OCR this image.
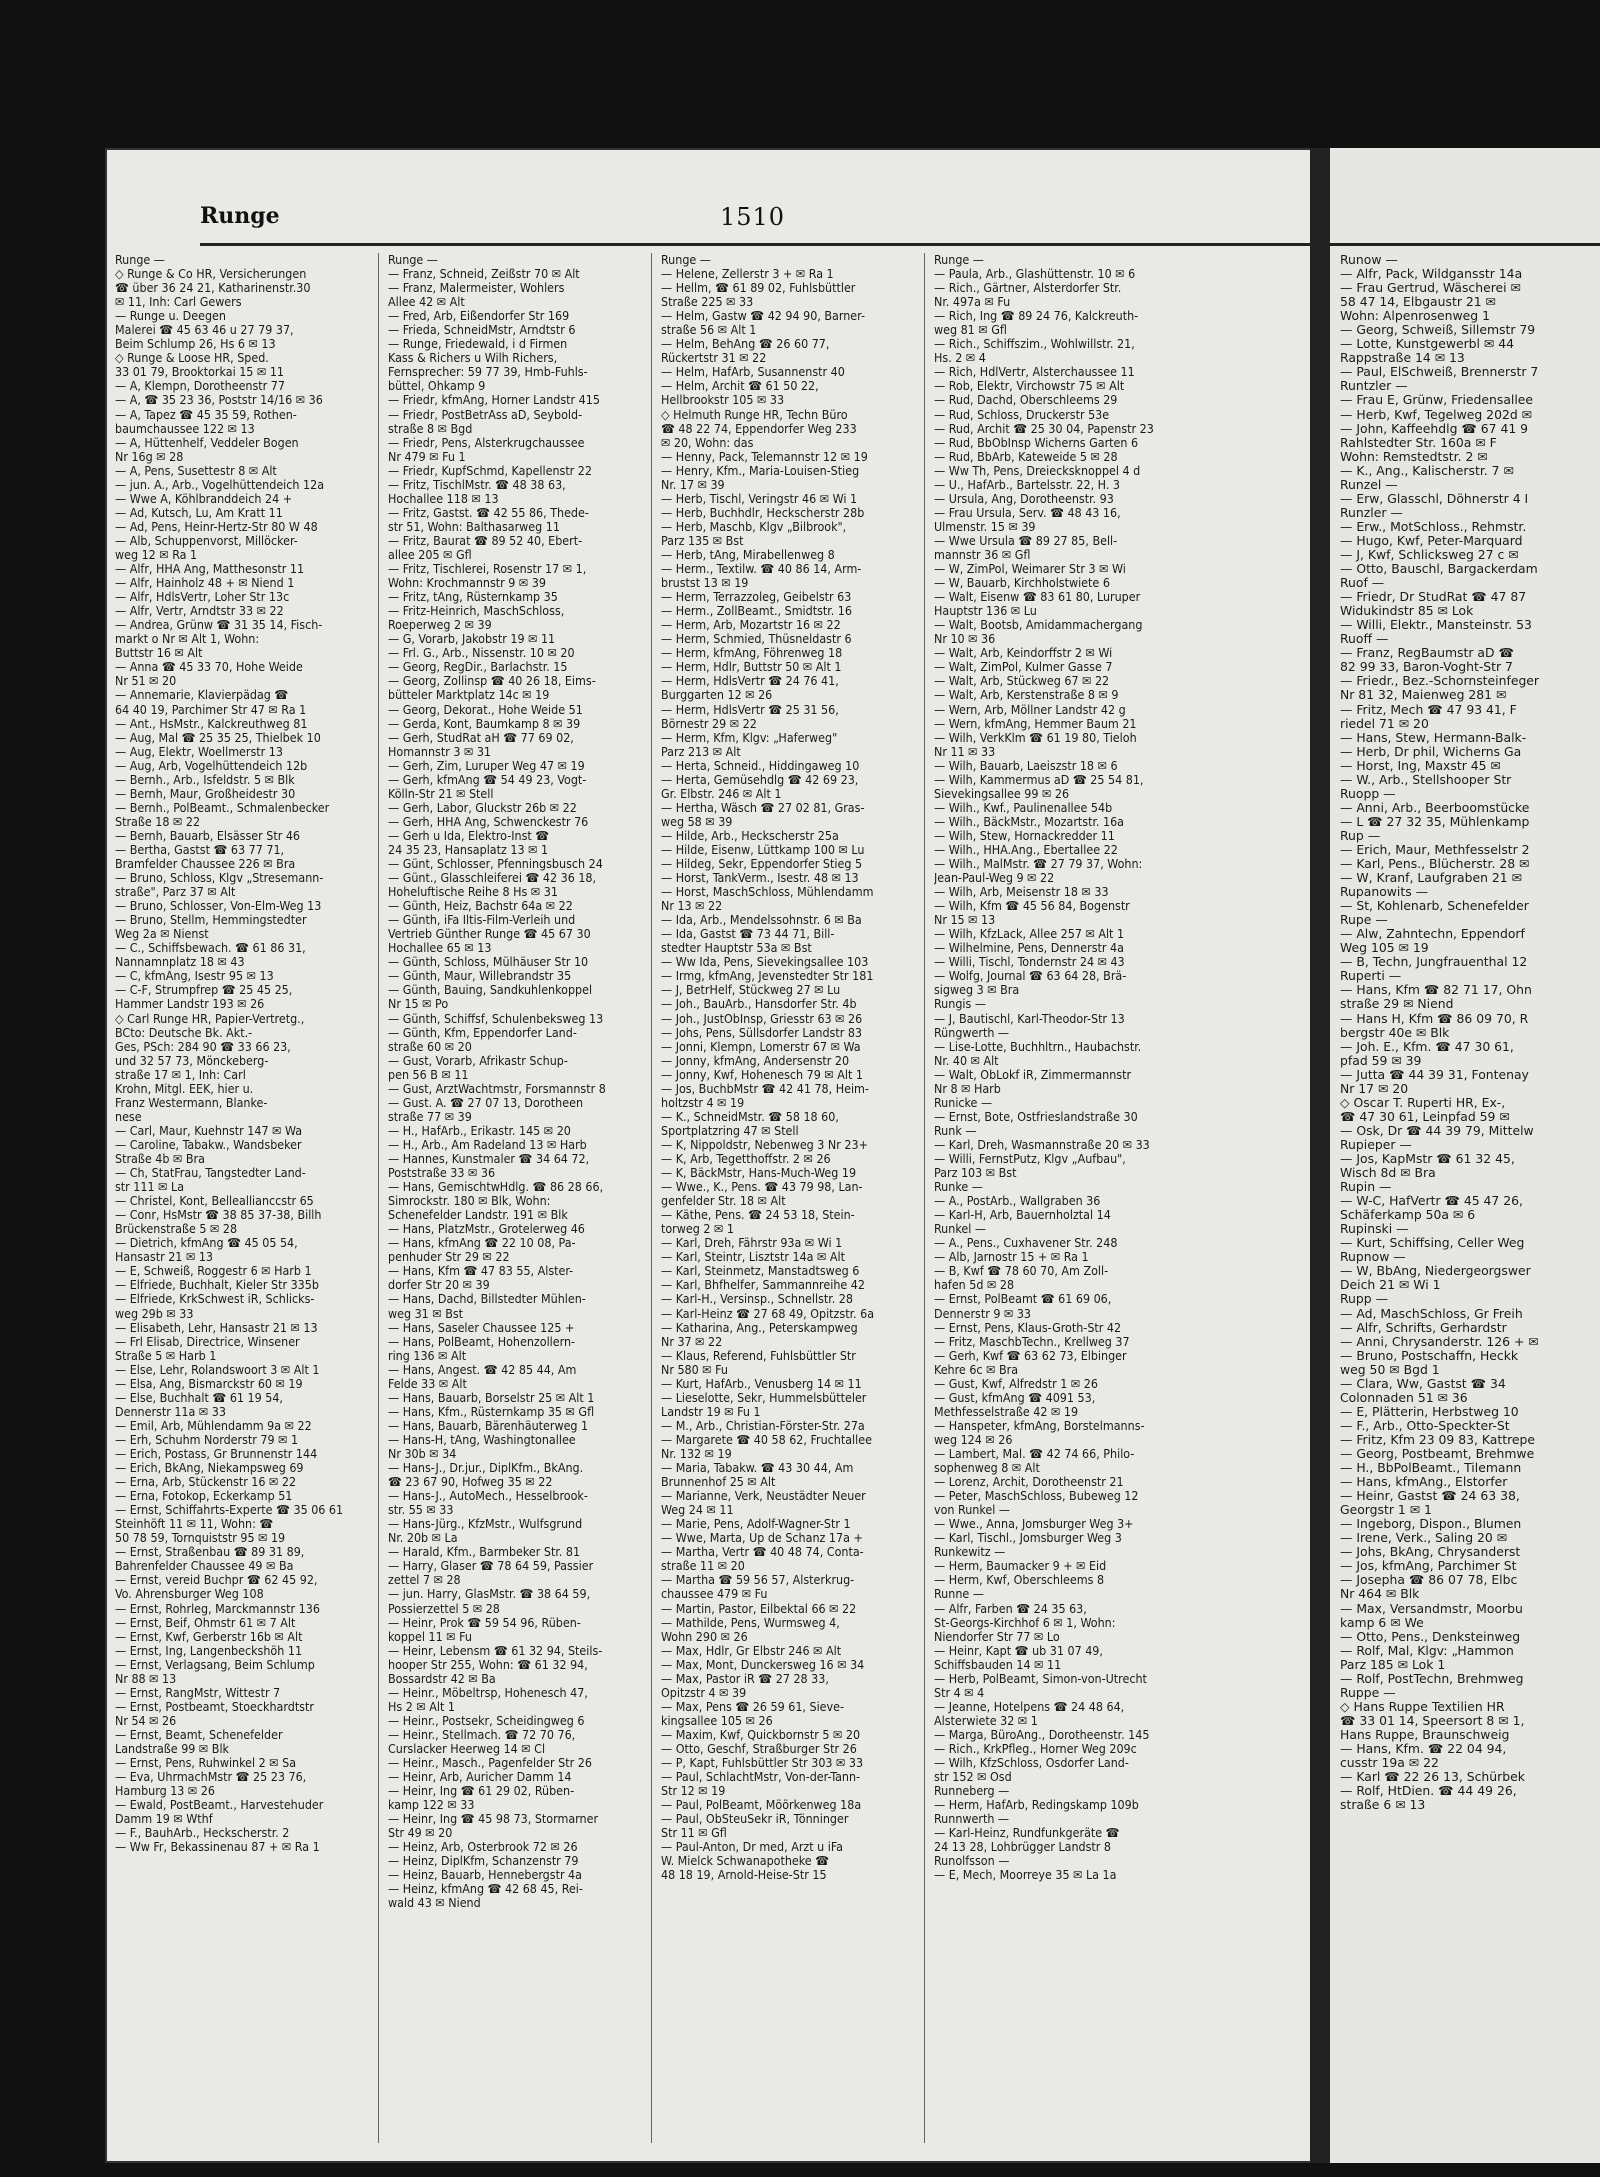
Runge	1510
Runge —
◇ Runge & Co HR, Versicherungen
☎ über 36 24 21, Katharinenstr.30
✉ 11, Inh: Carl Gewers
— Runge u. Deegen
Malerei ☎ 45 63 46 u 27 79 37,
Beim Schlump 26, Hs 6 ✉ 13
◇ Runge & Loose HR, Sped.
33 01 79, Brooktorkai 15 ✉ 11
— A, Klempn, Dorotheenstr 77
— A, ☎ 35 23 36, Poststr 14/16 ✉ 36
— A, Tapez ☎ 45 35 59, Rothen-
baumchaussee 122 ✉ 13
— A, Hüttenhelf, Veddeler Bogen
Nr 16g ✉ 28
— A, Pens, Susettestr 8 ✉ Alt
— jun. A., Arb., Vogelhüttendeich 12a
— Wwe A, Köhlbranddeich 24 +
— Ad, Kutsch, Lu, Am Kratt 11
— Ad, Pens, Heinr-Hertz-Str 80 W 48
— Alb, Schuppenvorst, Millöcker-
weg 12 ✉ Ra 1
— Alfr, HHA Ang, Matthesonstr 11
— Alfr, Hainholz 48 + ✉ Niend 1
— Alfr, HdlsVertr, Loher Str 13c
— Alfr, Vertr, Arndtstr 33 ✉ 22
— Andrea, Grünw ☎ 31 35 14, Fisch-
markt o Nr ✉ Alt 1, Wohn:
Buttstr 16 ✉ Alt
— Anna ☎ 45 33 70, Hohe Weide
Nr 51 ✉ 20
— Annemarie, Klavierpädag ☎
64 40 19, Parchimer Str 47 ✉ Ra 1
— Ant., HsMstr., Kalckreuthweg 81
— Aug, Mal ☎ 25 35 25, Thielbek 10
— Aug, Elektr, Woellmerstr 13
— Aug, Arb, Vogelhüttendeich 12b
— Bernh., Arb., Isfeldstr. 5 ✉ Blk
— Bernh, Maur, Großheidestr 30
— Bernh., PolBeamt., Schmalenbecker
Straße 18 ✉ 22
— Bernh, Bauarb, Elsässer Str 46
— Bertha, Gastst ☎ 63 77 71,
Bramfelder Chaussee 226 ✉ Bra
— Bruno, Schloss, Klgv „Stresemann-
straße", Parz 37 ✉ Alt
— Bruno, Schlosser, Von-Elm-Weg 13
— Bruno, Stellm, Hemmingstedter
Weg 2a ✉ Nienst
— C., Schiffsbewach. ☎ 61 86 31,
Nannamnplatz 18 ✉ 43
— C, kfmAng, Isestr 95 ✉ 13
— C-F, Strumpfrep ☎ 25 45 25,
Hammer Landstr 193 ✉ 26
◇ Carl Runge HR, Papier-Vertretg.,
BCto: Deutsche Bk. Akt.-
Ges, PSch: 284 90 ☎ 33 66 23,
und 32 57 73, Mönckeberg-
straße 17 ✉ 1, Inh: Carl
Krohn, Mitgl. EEK, hier u.
Franz Westermann, Blanke-
nese
— Carl, Maur, Kuehnstr 147 ✉ Wa
— Caroline, Tabakw., Wandsbeker
Straße 4b ✉ Bra
— Ch, StatFrau, Tangstedter Land-
str 111 ✉ La
— Christel, Kont, Belleallianccstr 65
— Conr, HsMstr ☎ 38 85 37-38, Billh
Brückenstraße 5 ✉ 28
— Dietrich, kfmAng ☎ 45 05 54,
Hansastr 21 ✉ 13
— E, Schweiß, Roggestr 6 ✉ Harb 1
— Elfriede, Buchhalt, Kieler Str 335b
— Elfriede, KrkSchwest iR, Schlicks-
weg 29b ✉ 33
— Elisabeth, Lehr, Hansastr 21 ✉ 13
— Frl Elisab, Directrice, Winsener
Straße 5 ✉ Harb 1
— Else, Lehr, Rolandswoort 3 ✉ Alt 1
— Elsa, Ang, Bismarckstr 60 ✉ 19
— Else, Buchhalt ☎ 61 19 54,
Dennerstr 11a ✉ 33
— Emil, Arb, Mühlendamm 9a ✉ 22
— Erh, Schuhm Norderstr 79 ✉ 1
— Erich, Postass, Gr Brunnenstr 144
— Erich, BkAng, Niekampsweg 69
— Erna, Arb, Stückenstr 16 ✉ 22
— Erna, Fotokop, Eckerkamp 51
— Ernst, Schiffahrts-Experte ☎ 35 06 61
Steinhöft 11 ✉ 11, Wohn: ☎
50 78 59, Tornquiststr 95 ✉ 19
— Ernst, Straßenbau ☎ 89 31 89,
Bahrenfelder Chaussee 49 ✉ Ba
— Ernst, vereid Buchpr ☎ 62 45 92,
Vo. Ahrensburger Weg 108
— Ernst, Rohrleg, Marckmannstr 136
— Ernst, Beif, Ohmstr 61 ✉ 7 Alt
— Ernst, Kwf, Gerberstr 16b ✉ Alt
— Ernst, Ing, Langenbeckshöh 11
— Ernst, Verlagsang, Beim Schlump
Nr 88 ✉ 13
— Ernst, RangMstr, Wittestr 7
— Ernst, Postbeamt, Stoeckhardtstr
Nr 54 ✉ 26
— Ernst, Beamt, Schenefelder
Landstraße 99 ✉ Blk
— Ernst, Pens, Ruhwinkel 2 ✉ Sa
— Eva, UhrmachMstr ☎ 25 23 76,
Hamburg 13 ✉ 26
— Ewald, PostBeamt., Harvestehuder
Damm 19 ✉ Wthf
— F., BauhArb., Heckscherstr. 2
— Ww Fr, Bekassinenau 87 + ✉ Ra 1
Runge —
— Franz, Schneid, Zeißstr 70 ✉ Alt
— Franz, Malermeister, Wohlers
Allee 42 ✉ Alt
— Fred, Arb, Eißendorfer Str 169
— Frieda, SchneidMstr, Arndtstr 6
— Runge, Friedewald, i d Firmen
Kass & Richers u Wilh Richers,
Fernsprecher: 59 77 39, Hmb-Fuhls-
büttel, Ohkamp 9
— Friedr, kfmAng, Horner Landstr 415
— Friedr, PostBetrAss aD, Seybold-
straße 8 ✉ Bgd
— Friedr, Pens, Alsterkrugchaussee
Nr 479 ✉ Fu 1
— Friedr, KupfSchmd, Kapellenstr 22
— Fritz, TischlMstr. ☎ 48 38 63,
Hochallee 118 ✉ 13
— Fritz, Gastst. ☎ 42 55 86, Thede-
str 51, Wohn: Balthasarweg 11
— Fritz, Baurat ☎ 89 52 40, Ebert-
allee 205 ✉ Gfl
— Fritz, Tischlerei, Rosenstr 17 ✉ 1,
Wohn: Krochmannstr 9 ✉ 39
— Fritz, tAng, Rüsternkamp 35
— Fritz-Heinrich, MaschSchloss,
Roeperweg 2 ✉ 39
— G, Vorarb, Jakobstr 19 ✉ 11
— Frl. G., Arb., Nissenstr. 10 ✉ 20
— Georg, RegDir., Barlachstr. 15
— Georg, Zollinsp ☎ 40 26 18, Eims-
bütteler Marktplatz 14c ✉ 19
— Georg, Dekorat., Hohe Weide 51
— Gerda, Kont, Baumkamp 8 ✉ 39
— Gerh, StudRat aH ☎ 77 69 02,
Homannstr 3 ✉ 31
— Gerh, Zim, Luruper Weg 47 ✉ 19
— Gerh, kfmAng ☎ 54 49 23, Vogt-
Kölln-Str 21 ✉ Stell
— Gerh, Labor, Gluckstr 26b ✉ 22
— Gerh, HHA Ang, Schwenckestr 76
— Gerh u Ida, Elektro-Inst ☎
24 35 23, Hansaplatz 13 ✉ 1
— Günt, Schlosser, Pfenningsbusch 24
— Günt., Glasschleiferei ☎ 42 36 18,
Hoheluftische Reihe 8 Hs ✉ 31
— Günth, Heiz, Bachstr 64a ✉ 22
— Günth, iFa Iltis-Film-Verleih und
Vertrieb Günther Runge ☎ 45 67 30
Hochallee 65 ✉ 13
— Günth, Schloss, Mülhäuser Str 10
— Günth, Maur, Willebrandstr 35
— Günth, Bauing, Sandkuhlenkoppel
Nr 15 ✉ Po
— Günth, Schiffsf, Schulenbeksweg 13
— Günth, Kfm, Eppendorfer Land-
straße 60 ✉ 20
— Gust, Vorarb, Afrikastr Schup-
pen 56 B ✉ 11
— Gust, ArztWachtmstr, Forsmannstr 8
— Gust. A. ☎ 27 07 13, Dorotheen
straße 77 ✉ 39
— H., HafArb., Erikastr. 145 ✉ 20
— H., Arb., Am Radeland 13 ✉ Harb
— Hannes, Kunstmaler ☎ 34 64 72,
Poststraße 33 ✉ 36
— Hans, GemischtwHdlg. ☎ 86 28 66,
Simrockstr. 180 ✉ Blk, Wohn:
Schenefelder Landstr. 191 ✉ Blk
— Hans, PlatzMstr., Grotelerweg 46
— Hans, kfmAng ☎ 22 10 08, Pa-
penhuder Str 29 ✉ 22
— Hans, Kfm ☎ 47 83 55, Alster-
dorfer Str 20 ✉ 39
— Hans, Dachd, Billstedter Mühlen-
weg 31 ✉ Bst
— Hans, Saseler Chaussee 125 +
— Hans, PolBeamt, Hohenzollern-
ring 136 ✉ Alt
— Hans, Angest. ☎ 42 85 44, Am
Felde 33 ✉ Alt
— Hans, Bauarb, Borselstr 25 ✉ Alt 1
— Hans, Kfm., Rüsternkamp 35 ✉ Gfl
— Hans, Bauarb, Bärenhäuterweg 1
— Hans-H, tAng, Washingtonallee
Nr 30b ✉ 34
— Hans-J., Dr.jur., DiplKfm., BkAng.
☎ 23 67 90, Hofweg 35 ✉ 22
— Hans-J., AutoMech., Hesselbrook-
str. 55 ✉ 33
— Hans-Jürg., KfzMstr., Wulfsgrund
Nr. 20b ✉ La
— Harald, Kfm., Barmbeker Str. 81
— Harry, Glaser ☎ 78 64 59, Passier
zettel 7 ✉ 28
— jun. Harry, GlasMstr. ☎ 38 64 59,
Possierzettel 5 ✉ 28
— Heinr, Prok ☎ 59 54 96, Rüben-
koppel 11 ✉ Fu
— Heinr, Lebensm ☎ 61 32 94, Steils-
hooper Str 255, Wohn: ☎ 61 32 94,
Bossardstr 42 ✉ Ba
— Heinr., Möbeltrsp, Hohenesch 47,
Hs 2 ✉ Alt 1
— Heinr., Postsekr, Scheidingweg 6
— Heinr., Stellmach. ☎ 72 70 76,
Curslacker Heerweg 14 ✉ Cl
— Heinr., Masch., Pagenfelder Str 26
— Heinr, Arb, Auricher Damm 14
— Heinr, Ing ☎ 61 29 02, Rüben-
kamp 122 ✉ 33
— Heinr, Ing ☎ 45 98 73, Stormarner
Str 49 ✉ 20
— Heinz, Arb, Osterbrook 72 ✉ 26
— Heinz, DiplKfm, Schanzenstr 79
— Heinz, Bauarb, Hennebergstr 4a
— Heinz, kfmAng ☎ 42 68 45, Rei-
wald 43 ✉ Niend
Runge —
— Helene, Zellerstr 3 + ✉ Ra 1
— Hellm, ☎ 61 89 02, Fuhlsbüttler
Straße 225 ✉ 33
— Helm, Gastw ☎ 42 94 90, Barner-
straße 56 ✉ Alt 1
— Helm, BehAng ☎ 26 60 77,
Rückertstr 31 ✉ 22
— Helm, HafArb, Susannenstr 40
— Helm, Archit ☎ 61 50 22,
Hellbrookstr 105 ✉ 33
◇ Helmuth Runge HR, Techn Büro
☎ 48 22 74, Eppendorfer Weg 233
✉ 20, Wohn: das
— Henny, Pack, Telemannstr 12 ✉ 19
— Henry, Kfm., Maria-Louisen-Stieg
Nr. 17 ✉ 39
— Herb, Tischl, Veringstr 46 ✉ Wi 1
— Herb, Buchhdlr, Heckscherstr 28b
— Herb, Maschb, Klgv „Bilbrook",
Parz 135 ✉ Bst
— Herb, tAng, Mirabellenweg 8
— Herm., Textilw. ☎ 40 86 14, Arm-
brustst 13 ✉ 19
— Herm, Terrazzoleg, Geibelstr 63
— Herm., ZollBeamt., Smidtstr. 16
— Herm, Arb, Mozartstr 16 ✉ 22
— Herm, Schmied, Thüsneldastr 6
— Herm, kfmAng, Föhrenweg 18
— Herm, Hdlr, Buttstr 50 ✉ Alt 1
— Herm, HdlsVertr ☎ 24 76 41,
Burggarten 12 ✉ 26
— Herm, HdlsVertr ☎ 25 31 56,
Börnestr 29 ✉ 22
— Herm, Kfm, Klgv: „Haferweg"
Parz 213 ✉ Alt
— Herta, Schneid., Hiddingaweg 10
— Herta, Gemüsehdlg ☎ 42 69 23,
Gr. Elbstr. 246 ✉ Alt 1
— Hertha, Wäsch ☎ 27 02 81, Gras-
weg 58 ✉ 39
— Hilde, Arb., Heckscherstr 25a
— Hilde, Eisenw, Lüttkamp 100 ✉ Lu
— Hildeg, Sekr, Eppendorfer Stieg 5
— Horst, TankVerm., Isestr. 48 ✉ 13
— Horst, MaschSchloss, Mühlendamm
Nr 13 ✉ 22
— Ida, Arb., Mendelssohnstr. 6 ✉ Ba
— Ida, Gastst ☎ 73 44 71, Bill-
stedter Hauptstr 53a ✉ Bst
— Ww Ida, Pens, Sievekingsallee 103
— Irmg, kfmAng, Jevenstedter Str 181
— J, BetrHelf, Stückweg 27 ✉ Lu
— Joh., BauArb., Hansdorfer Str. 4b
— Joh., JustObInsp, Griesstr 63 ✉ 26
— Johs, Pens, Süllsdorfer Landstr 83
— Jonni, Klempn, Lomerstr 67 ✉ Wa
— Jonny, kfmAng, Andersenstr 20
— Jonny, Kwf, Hohenesch 79 ✉ Alt 1
— Jos, BuchbMstr ☎ 42 41 78, Heim-
holtzstr 4 ✉ 19
— K., SchneidMstr. ☎ 58 18 60,
Sportplatzring 47 ✉ Stell
— K, Nippoldstr, Nebenweg 3 Nr 23+
— K, Arb, Tegetthoffstr. 2 ✉ 26
— K, BäckMstr, Hans-Much-Weg 19
— Wwe., K., Pens. ☎ 43 79 98, Lan-
genfelder Str. 18 ✉ Alt
— Käthe, Pens. ☎ 24 53 18, Stein-
torweg 2 ✉ 1
— Karl, Dreh, Fährstr 93a ✉ Wi 1
— Karl, Steintr, Lisztstr 14a ✉ Alt
— Karl, Steinmetz, Manstadtsweg 6
— Karl, Bhfhelfer, Sammannreihe 42
— Karl-H., Versinsp., Schnellstr. 28
— Karl-Heinz ☎ 27 68 49, Opitzstr. 6a
— Katharina, Ang., Peterskampweg
Nr 37 ✉ 22
— Klaus, Referend, Fuhlsbüttler Str
Nr 580 ✉ Fu
— Kurt, HafArb., Venusberg 14 ✉ 11
— Lieselotte, Sekr, Hummelsbütteler
Landstr 19 ✉ Fu 1
— M., Arb., Christian-Förster-Str. 27a
— Margarete ☎ 40 58 62, Fruchtallee
Nr. 132 ✉ 19
— Maria, Tabakw. ☎ 43 30 44, Am
Brunnenhof 25 ✉ Alt
— Marianne, Verk, Neustädter Neuer
Weg 24 ✉ 11
— Marie, Pens, Adolf-Wagner-Str 1
— Wwe, Marta, Up de Schanz 17a +
— Martha, Vertr ☎ 40 48 74, Conta-
straße 11 ✉ 20
— Martha ☎ 59 56 57, Alsterkrug-
chaussee 479 ✉ Fu
— Martin, Pastor, Eilbektal 66 ✉ 22
— Mathilde, Pens, Wurmsweg 4,
Wohn 290 ✉ 26
— Max, Hdlr, Gr Elbstr 246 ✉ Alt
— Max, Mont, Dunckersweg 16 ✉ 34
— Max, Pastor iR ☎ 27 28 33,
Opitzstr 4 ✉ 39
— Max, Pens ☎ 26 59 61, Sieve-
kingsallee 105 ✉ 26
— Maxim, Kwf, Quickbornstr 5 ✉ 20
— Otto, Geschf, Straßburger Str 26
— P, Kapt, Fuhlsbüttler Str 303 ✉ 33
— Paul, SchlachtMstr, Von-der-Tann-
Str 12 ✉ 19
— Paul, PolBeamt, Möörkenweg 18a
— Paul, ObSteuSekr iR, Tönninger
Str 11 ✉ Gfl
— Paul-Anton, Dr med, Arzt u iFa
W. Mielck Schwanapotheke ☎
48 18 19, Arnold-Heise-Str 15
Runge —
— Paula, Arb., Glashüttenstr. 10 ✉ 6
— Rich., Gärtner, Alsterdorfer Str.
Nr. 497a ✉ Fu
— Rich, Ing ☎ 89 24 76, Kalckreuth-
weg 81 ✉ Gfl
— Rich., Schiffszim., Wohlwillstr. 21,
Hs. 2 ✉ 4
— Rich, HdlVertr, Alsterchaussee 11
— Rob, Elektr, Virchowstr 75 ✉ Alt
— Rud, Dachd, Oberschleems 29
— Rud, Schloss, Druckerstr 53e
— Rud, Archit ☎ 25 30 04, Papenstr 23
— Rud, BbObInsp Wicherns Garten 6
— Rud, BbArb, Kateweide 5 ✉ 28
— Ww Th, Pens, Dreiecksknoppel 4 d
— U., HafArb., Bartelsstr. 22, H. 3
— Ursula, Ang, Dorotheenstr. 93
— Frau Ursula, Serv. ☎ 48 43 16,
Ulmenstr. 15 ✉ 39
— Wwe Ursula ☎ 89 27 85, Bell-
mannstr 36 ✉ Gfl
— W, ZimPol, Weimarer Str 3 ✉ Wi
— W, Bauarb, Kirchholstwiete 6
— Walt, Eisenw ☎ 83 61 80, Luruper
Hauptstr 136 ✉ Lu
— Walt, Bootsb, Amidammachergang
Nr 10 ✉ 36
— Walt, Arb, Keindorffstr 2 ✉ Wi
— Walt, ZimPol, Kulmer Gasse 7
— Walt, Arb, Stückweg 67 ✉ 22
— Walt, Arb, Kerstenstraße 8 ✉ 9
— Wern, Arb, Möllner Landstr 42 g
— Wern, kfmAng, Hemmer Baum 21
— Wilh, VerkKlm ☎ 61 19 80, Tieloh
Nr 11 ✉ 33
— Wilh, Bauarb, Laeiszstr 18 ✉ 6
— Wilh, Kammermus aD ☎ 25 54 81,
Sievekingsallee 99 ✉ 26
— Wilh., Kwf., Paulinenallee 54b
— Wilh., BäckMstr., Mozartstr. 16a
— Wilh, Stew, Hornackredder 11
— Wilh., HHA.Ang., Ebertallee 22
— Wilh., MalMstr. ☎ 27 79 37, Wohn:
Jean-Paul-Weg 9 ✉ 22
— Wilh, Arb, Meisenstr 18 ✉ 33
— Wilh, Kfm ☎ 45 56 84, Bogenstr
Nr 15 ✉ 13
— Wilh, KfzLack, Allee 257 ✉ Alt 1
— Wilhelmine, Pens, Dennerstr 4a
— Willi, Tischl, Tondernstr 24 ✉ 43
— Wolfg, Journal ☎ 63 64 28, Brä-
sigweg 3 ✉ Bra
Rungis —
— J, Bautischl, Karl-Theodor-Str 13
Rüngwerth —
— Lise-Lotte, Buchhltrn., Haubachstr.
Nr. 40 ✉ Alt
— Walt, ObLokf iR, Zimmermannstr
Nr 8 ✉ Harb
Runicke —
— Ernst, Bote, Ostfrieslandstraße 30
Runk —
— Karl, Dreh, Wasmannstraße 20 ✉ 33
— Willi, FernstPutz, Klgv „Aufbau",
Parz 103 ✉ Bst
Runke —
— A., PostArb., Wallgraben 36
— Karl-H, Arb, Bauernholztal 14
Runkel —
— A., Pens., Cuxhavener Str. 248
— Alb, Jarnostr 15 + ✉ Ra 1
— B, Kwf ☎ 78 60 70, Am Zoll-
hafen 5d ✉ 28
— Ernst, PolBeamt ☎ 61 69 06,
Dennerstr 9 ✉ 33
— Ernst, Pens, Klaus-Groth-Str 42
— Fritz, MaschbTechn., Krellweg 37
— Gerh, Kwf ☎ 63 62 73, Elbinger
Kehre 6c ✉ Bra
— Gust, Kwf, Alfredstr 1 ✉ 26
— Gust, kfmAng ☎ 4091 53,
Methfesselstraße 42 ✉ 19
— Hanspeter, kfmAng, Borstelmanns-
weg 124 ✉ 26
— Lambert, Mal. ☎ 42 74 66, Philo-
sophenweg 8 ✉ Alt
— Lorenz, Archit, Dorotheenstr 21
— Peter, MaschSchloss, Bubeweg 12
von Runkel —
— Wwe., Anna, Jomsburger Weg 3+
— Karl, Tischl., Jomsburger Weg 3
Runkewitz —
— Herm, Baumacker 9 + ✉ Eid
— Herm, Kwf, Oberschleems 8
Runne —
— Alfr, Farben ☎ 24 35 63,
St-Georgs-Kirchhof 6 ✉ 1, Wohn:
Niendorfer Str 77 ✉ Lo
— Heinr, Kapt ☎ ub 31 07 49,
Schiffsbauden 14 ✉ 11
— Herb, PolBeamt, Simon-von-Utrecht
Str 4 ✉ 4
— Jeanne, Hotelpens ☎ 24 48 64,
Alsterwiete 32 ✉ 1
— Marga, BüroAng., Dorotheenstr. 145
— Rich., KrkPfleg., Horner Weg 209c
— Wilh, KfzSchloss, Osdorfer Land-
str 152 ✉ Osd
Runneberg —
— Herm, HafArb, Redingskamp 109b
Runnwerth —
— Karl-Heinz, Rundfunkgeräte ☎
24 13 28, Lohbrügger Landstr 8
Runolfsson —
— E, Mech, Moorreye 35 ✉ La 1a
Runow —
— Alfr, Pack, Wildgansstr 14a
— Frau Gertrud, Wäscherei ✉
58 47 14, Elbgaustr 21 ✉
Wohn: Alpenrosenweg 1
— Georg, Schweiß, Sillemstr 79
— Lotte, Kunstgewerbl ✉ 44
Rappstraße 14 ✉ 13
— Paul, ElSchweiß, Brennerstr 7
Runtzler —
— Frau E, Grünw, Friedensallee
— Herb, Kwf, Tegelweg 202d ✉
— John, Kaffeehdlg ☎ 67 41 9
Rahlstedter Str. 160a ✉ F
Wohn: Remstedtstr. 2 ✉
— K., Ang., Kalischerstr. 7 ✉
Runzel —
— Erw, Glasschl, Döhnerstr 4 I
Runzler —
— Erw., MotSchloss., Rehmstr.
— Hugo, Kwf, Peter-Marquard
— J, Kwf, Schlicksweg 27 c ✉
— Otto, Bauschl, Bargackerdam
Ruof —
— Friedr, Dr StudRat ☎ 47 87
Widukindstr 85 ✉ Lok
— Willi, Elektr., Mansteinstr. 53
Ruoff —
— Franz, RegBaumstr aD ☎
82 99 33, Baron-Voght-Str 7
— Friedr., Bez.-Schornsteinfeger
Nr 81 32, Maienweg 281 ✉
— Fritz, Mech ☎ 47 93 41, F
riedel 71 ✉ 20
— Hans, Stew, Hermann-Balk-
— Herb, Dr phil, Wicherns Ga
— Horst, Ing, Maxstr 45 ✉
— W., Arb., Stellshooper Str
Ruopp —
— Anni, Arb., Beerboomstücke
— L ☎ 27 32 35, Mühlenkamp
Rup —
— Erich, Maur, Methfesselstr 2
— Karl, Pens., Blücherstr. 28 ✉
— W, Kranf, Laufgraben 21 ✉
Rupanowits —
— St, Kohlenarb, Schenefelder
Rupe —
— Alw, Zahntechn, Eppendorf
Weg 105 ✉ 19
— B, Techn, Jungfrauenthal 12
Ruperti —
— Hans, Kfm ☎ 82 71 17, Ohn
straße 29 ✉ Niend
— Hans H, Kfm ☎ 86 09 70, R
bergstr 40e ✉ Blk
— Joh. E., Kfm. ☎ 47 30 61,
pfad 59 ✉ 39
— Jutta ☎ 44 39 31, Fontenay
Nr 17 ✉ 20
◇ Oscar T. Ruperti HR, Ex-,
☎ 47 30 61, Leinpfad 59 ✉
— Osk, Dr ☎ 44 39 79, Mittelw
Rupieper —
— Jos, KapMstr ☎ 61 32 45,
Wisch 8d ✉ Bra
Rupin —
— W-C, HafVertr ☎ 45 47 26,
Schäferkamp 50a ✉ 6
Rupinski —
— Kurt, Schiffsing, Celler Weg
Rupnow —
— W, BbAng, Niedergeorgswer
Deich 21 ✉ Wi 1
Rupp —
— Ad, MaschSchloss, Gr Freih
— Alfr, Schrifts, Gerhardstr
— Anni, Chrysanderstr. 126 + ✉
— Bruno, Postschaffn, Heckk
weg 50 ✉ Bgd 1
— Clara, Ww, Gastst ☎ 34
Colonnaden 51 ✉ 36
— E, Plätterin, Herbstweg 10
— F., Arb., Otto-Speckter-St
— Fritz, Kfm 23 09 83, Kattrepe
— Georg, Postbeamt, Brehmwe
— H., BbPolBeamt., Tilemann
— Hans, kfmAng., Elstorfer
— Heinr, Gastst ☎ 24 63 38,
Georgstr 1 ✉ 1
— Ingeborg, Dispon., Blumen
— Irene, Verk., Saling 20 ✉
— Johs, BkAng, Chrysanderst
— Jos, kfmAng, Parchimer St
— Josepha ☎ 86 07 78, Elbc
Nr 464 ✉ Blk
— Max, Versandmstr, Moorbu
kamp 6 ✉ We
— Otto, Pens., Denksteinweg
— Rolf, Mal, Klgv: „Hammon
Parz 185 ✉ Lok 1
— Rolf, PostTechn, Brehmweg
Ruppe —
◇ Hans Ruppe Textilien HR
☎ 33 01 14, Speersort 8 ✉ 1,
Hans Ruppe, Braunschweig
— Hans, Kfm. ☎ 22 04 94,
cusstr 19a ✉ 22
— Karl ☎ 22 26 13, Schürbek
— Rolf, HtDien. ☎ 44 49 26,
straße 6 ✉ 13
